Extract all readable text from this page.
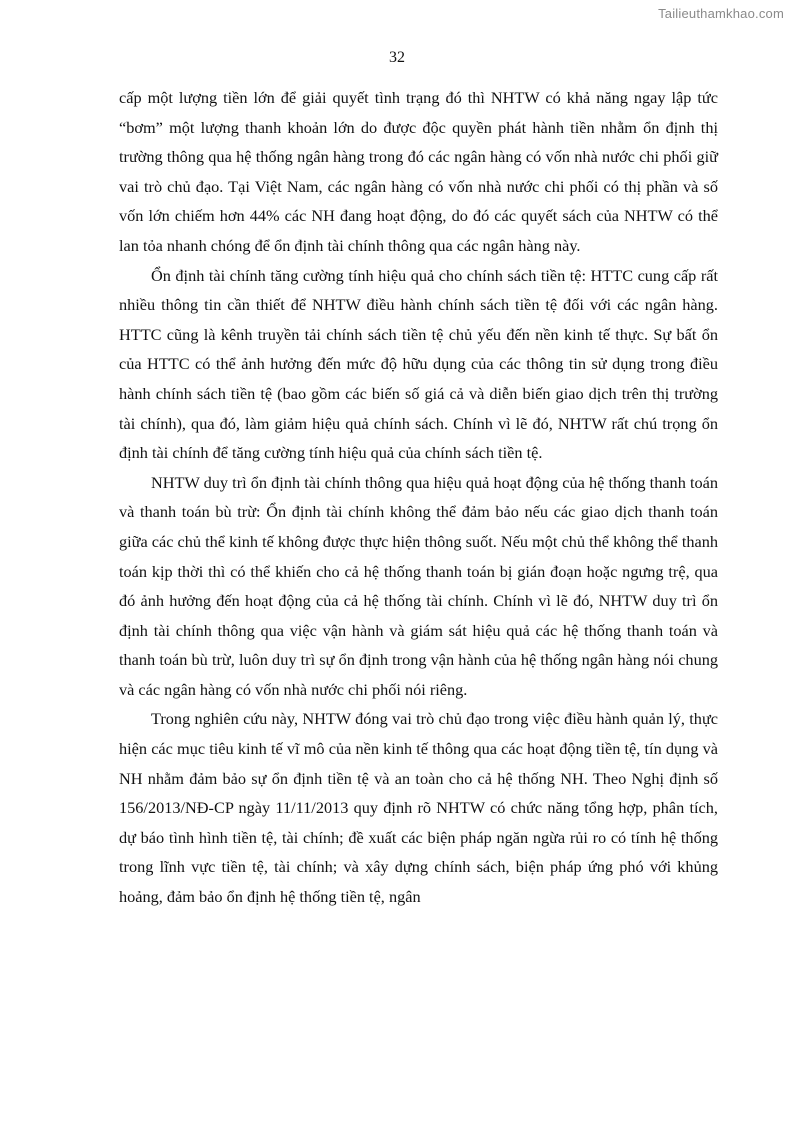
Tailieuthamkhao.com
32

cấp một lượng tiền lớn để giải quyết tình trạng đó thì NHTW có khả năng ngay lập tức “bơm” một lượng thanh khoản lớn do được độc quyền phát hành tiền nhằm ổn định thị trường thông qua hệ thống ngân hàng trong đó các ngân hàng có vốn nhà nước chi phối giữ vai trò chủ đạo. Tại Việt Nam, các ngân hàng có vốn nhà nước chi phối có thị phần và số vốn lớn chiếm hơn 44% các NH đang hoạt động, do đó các quyết sách của NHTW có thể lan tỏa nhanh chóng để ổn định tài chính thông qua các ngân hàng này.

Ổn định tài chính tăng cường tính hiệu quả cho chính sách tiền tệ: HTTC cung cấp rất nhiều thông tin cần thiết để NHTW điều hành chính sách tiền tệ đối với các ngân hàng. HTTC cũng là kênh truyền tải chính sách tiền tệ chủ yếu đến nền kinh tế thực. Sự bất ổn của HTTC có thể ảnh hưởng đến mức độ hữu dụng của các thông tin sử dụng trong điều hành chính sách tiền tệ (bao gồm các biến số giá cả và diễn biến giao dịch trên thị trường tài chính), qua đó, làm giảm hiệu quả chính sách. Chính vì lẽ đó, NHTW rất chú trọng ổn định tài chính để tăng cường tính hiệu quả của chính sách tiền tệ.

NHTW duy trì ổn định tài chính thông qua hiệu quả hoạt động của hệ thống thanh toán và thanh toán bù trừ: Ổn định tài chính không thể đảm bảo nếu các giao dịch thanh toán giữa các chủ thể kinh tế không được thực hiện thông suốt. Nếu một chủ thể không thể thanh toán kịp thời thì có thể khiến cho cả hệ thống thanh toán bị gián đoạn hoặc ngưng trệ, qua đó ảnh hưởng đến hoạt động của cả hệ thống tài chính. Chính vì lẽ đó, NHTW duy trì ổn định tài chính thông qua việc vận hành và giám sát hiệu quả các hệ thống thanh toán và thanh toán bù trừ, luôn duy trì sự ổn định trong vận hành của hệ thống ngân hàng nói chung và các ngân hàng có vốn nhà nước chi phối nói riêng.

Trong nghiên cứu này, NHTW đóng vai trò chủ đạo trong việc điều hành quản lý, thực hiện các mục tiêu kinh tế vĩ mô của nền kinh tế thông qua các hoạt động tiền tệ, tín dụng và NH nhằm đảm bảo sự ổn định tiền tệ và an toàn cho cả hệ thống NH. Theo Nghị định số 156/2013/NĐ-CP ngày 11/11/2013 quy định rõ NHTW có chức năng tổng hợp, phân tích, dự báo tình hình tiền tệ, tài chính; đề xuất các biện pháp ngăn ngừa rủi ro có tính hệ thống trong lĩnh vực tiền tệ, tài chính; và xây dựng chính sách, biện pháp ứng phó với khủng hoảng, đảm bảo ổn định hệ thống tiền tệ, ngân
